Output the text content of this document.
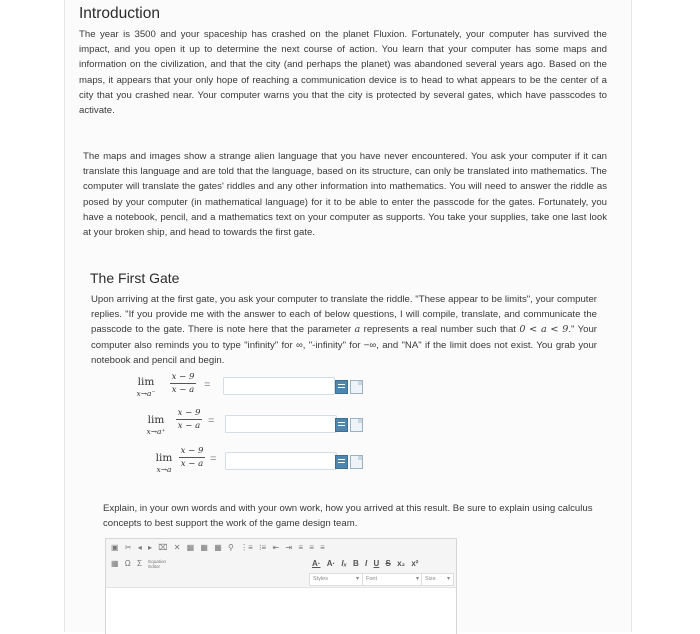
Introduction
The year is 3500 and your spaceship has crashed on the planet Fluxion. Fortunately, your computer has survived the impact, and you open it up to determine the next course of action. You learn that your computer has some maps and information on the civilization, and that the city (and perhaps the planet) was abandoned several years ago. Based on the maps, it appears that your only hope of reaching a communication device is to head to what appears to be the center of a city that you crashed near. Your computer warns you that the city is protected by several gates, which have passcodes to activate.
The maps and images show a strange alien language that you have never encountered. You ask your computer if it can translate this language and are told that the language, based on its structure, can only be translated into mathematics. The computer will translate the gates' riddles and any other information into mathematics. You will need to answer the riddle as posed by your computer (in mathematical language) for it to be able to enter the passcode for the gates. Fortunately, you have a notebook, pencil, and a mathematics text on your computer as supports. You take your supplies, take one last look at your broken ship, and head to towards the first gate.
The First Gate
Upon arriving at the first gate, you ask your computer to translate the riddle. "These appear to be limits", your computer replies. "If you provide me with the answer to each of below questions, I will compile, translate, and communicate the passcode to the gate. There is note here that the parameter a represents a real number such that 0 < a < 9." Your computer also reminds you to type "infinity" for ∞, "-infinity" for −∞, and "NA" if the limit does not exist. You grab your notebook and pencil and begin.
lim
x→a⁻	$\frac{x - 9}{x - a}$ =
lim
x→a⁺
$\frac{x - 9}{x - a}$ =
lim
x→a
$\frac{x - 9}{x - a}$ =
Explain, in your own words and with your own work, how you arrived at this result. Be sure to explain using calculus concepts to best support the work of the game design team.
▣ ✂ ◂ ▸ ⌧ ✕ ▦ ▦ ▦ ⚲ ⋮≡ ⁝≡ ⇤ ⇥ ≡ ≡ ≡
▦ Ω Σ Equation Editor	A· A· Iₓ B I U S x₂ x²
Styles ▾	Font ▾	Size ▾
